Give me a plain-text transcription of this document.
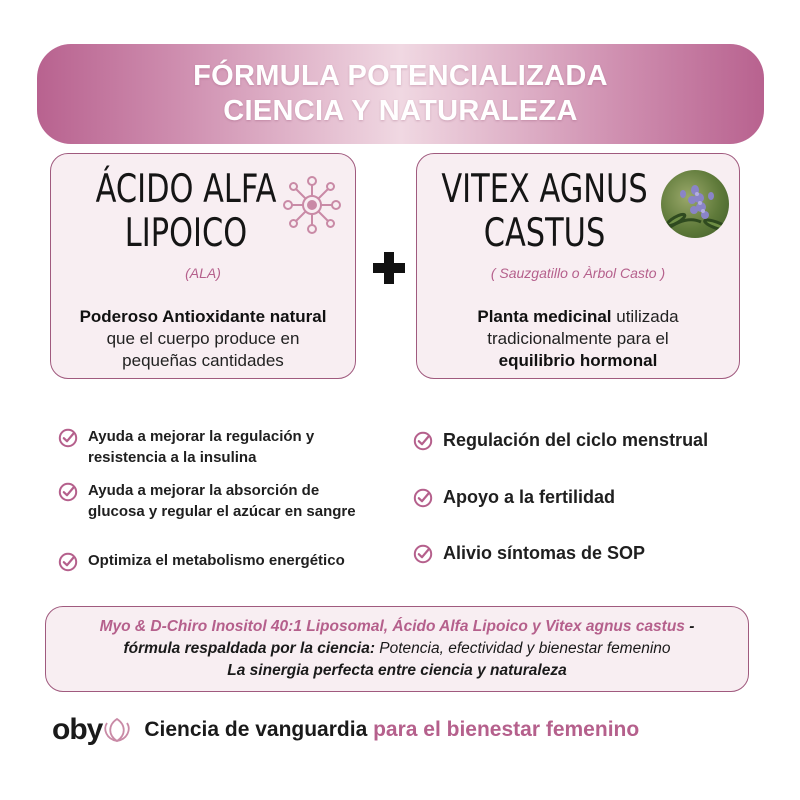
FÓRMULA POTENCIALIZADA
CIENCIA Y NATURALEZA
ÁCIDO ALFA
LIPOICO
(ALA)
Poderoso Antioxidante natural
que el cuerpo produce en
pequeñas cantidades
VITEX AGNUS
CASTUS
( Sauzgatillo o Àrbol Casto )
Planta medicinal utilizada
tradicionalmente para el
equilibrio hormonal
Ayuda a mejorar la regulación y resistencia a la insulina
Ayuda a mejorar la absorción de glucosa y regular el azúcar en sangre
Optimiza el metabolismo energético
Regulación del ciclo menstrual
Apoyo a la fertilidad
Alivio síntomas de SOP
Myo & D-Chiro Inositol 40:1 Liposomal, Ácido Alfa Lipoico y Vitex agnus castus -
fórmula respaldada por la ciencia: Potencia, efectividad y bienestar femenino
La sinergia perfecta entre ciencia y naturaleza
oby Ciencia de vanguardia para el bienestar femenino
